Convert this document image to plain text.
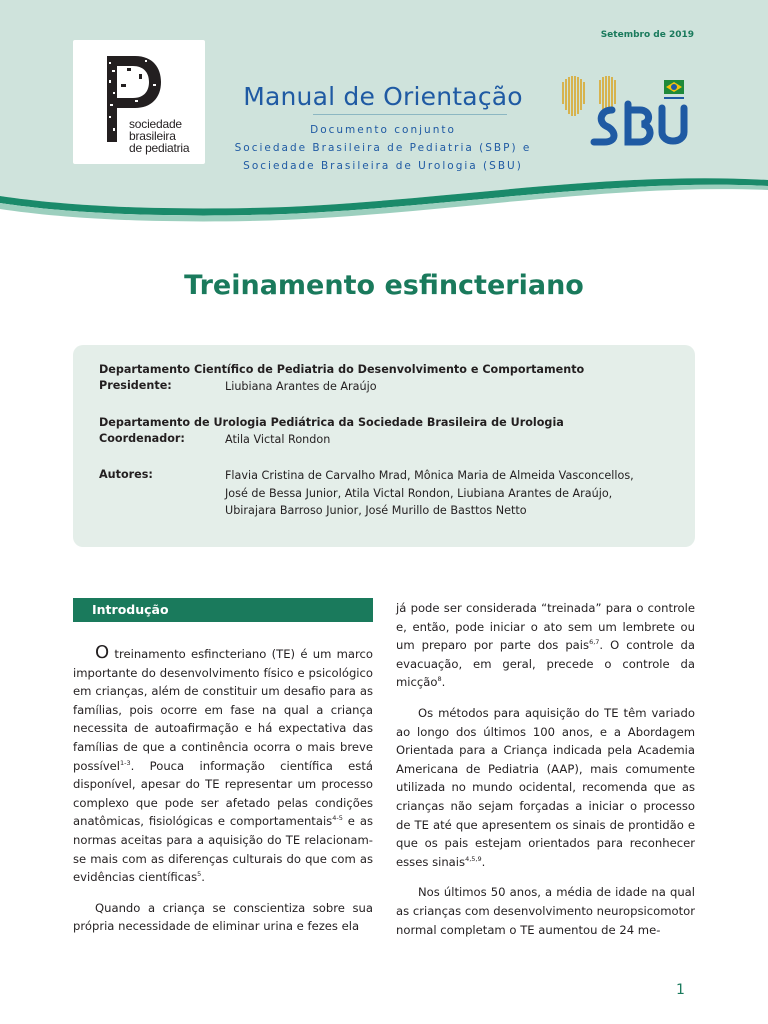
Setembro de 2019
sociedade
brasileira
de pediatria
Manual de Orientação
Documento conjunto
Sociedade Brasileira de Pediatria (SBP) e
Sociedade Brasileira de Urologia (SBU)
Treinamento esfincteriano
Departamento Científico de Pediatria do Desenvolvimento e Comportamento
Presidente:	Liubiana Arantes de Araújo
Departamento de Urologia Pediátrica da Sociedade Brasileira de Urologia
Coordenador:	Atila Victal Rondon
Autores:	Flavia Cristina de Carvalho Mrad, Mônica Maria de Almeida Vasconcellos,
José de Bessa Junior, Atila Victal Rondon, Liubiana Arantes de Araújo,
Ubirajara Barroso Junior, José Murillo de Basttos Netto
Introdução

O treinamento esfincteriano (TE) é um marco importante do desenvolvimento físico e psicológico em crianças, além de constituir um desafio para as famílias, pois ocorre em fase na qual a criança necessita de autoafirmação e há expectativa das famílias de que a continência ocorra o mais breve possível$^{1-3}$. Pouca informação científica está disponível, apesar do TE representar um processo complexo que pode ser afetado pelas condições anatômicas, fisiológicas e comportamentais$^{4-5}$ e as normas aceitas para a aquisição do TE relacionam-se mais com as diferenças culturais do que com as evidências científicas$^5$.

Quando a criança se conscientiza sobre sua própria necessidade de eliminar urina e fezes ela

já pode ser considerada “treinada” para o controle e, então, pode iniciar o ato sem um lembrete ou um preparo por parte dos pais$^{6,7}$. O controle da evacuação, em geral, precede o controle da micção$^8$.

Os métodos para aquisição do TE têm variado ao longo dos últimos 100 anos, e a Abordagem Orientada para a Criança indicada pela Academia Americana de Pediatria (AAP), mais comumente utilizada no mundo ocidental, recomenda que as crianças não sejam forçadas a iniciar o processo de TE até que apresentem os sinais de prontidão e que os pais estejam orientados para reconhecer esses sinais$^{4,5,9}$.

Nos últimos 50 anos, a média de idade na qual as crianças com desenvolvimento neuropsicomotor normal completam o TE aumentou de 24 me-

1
